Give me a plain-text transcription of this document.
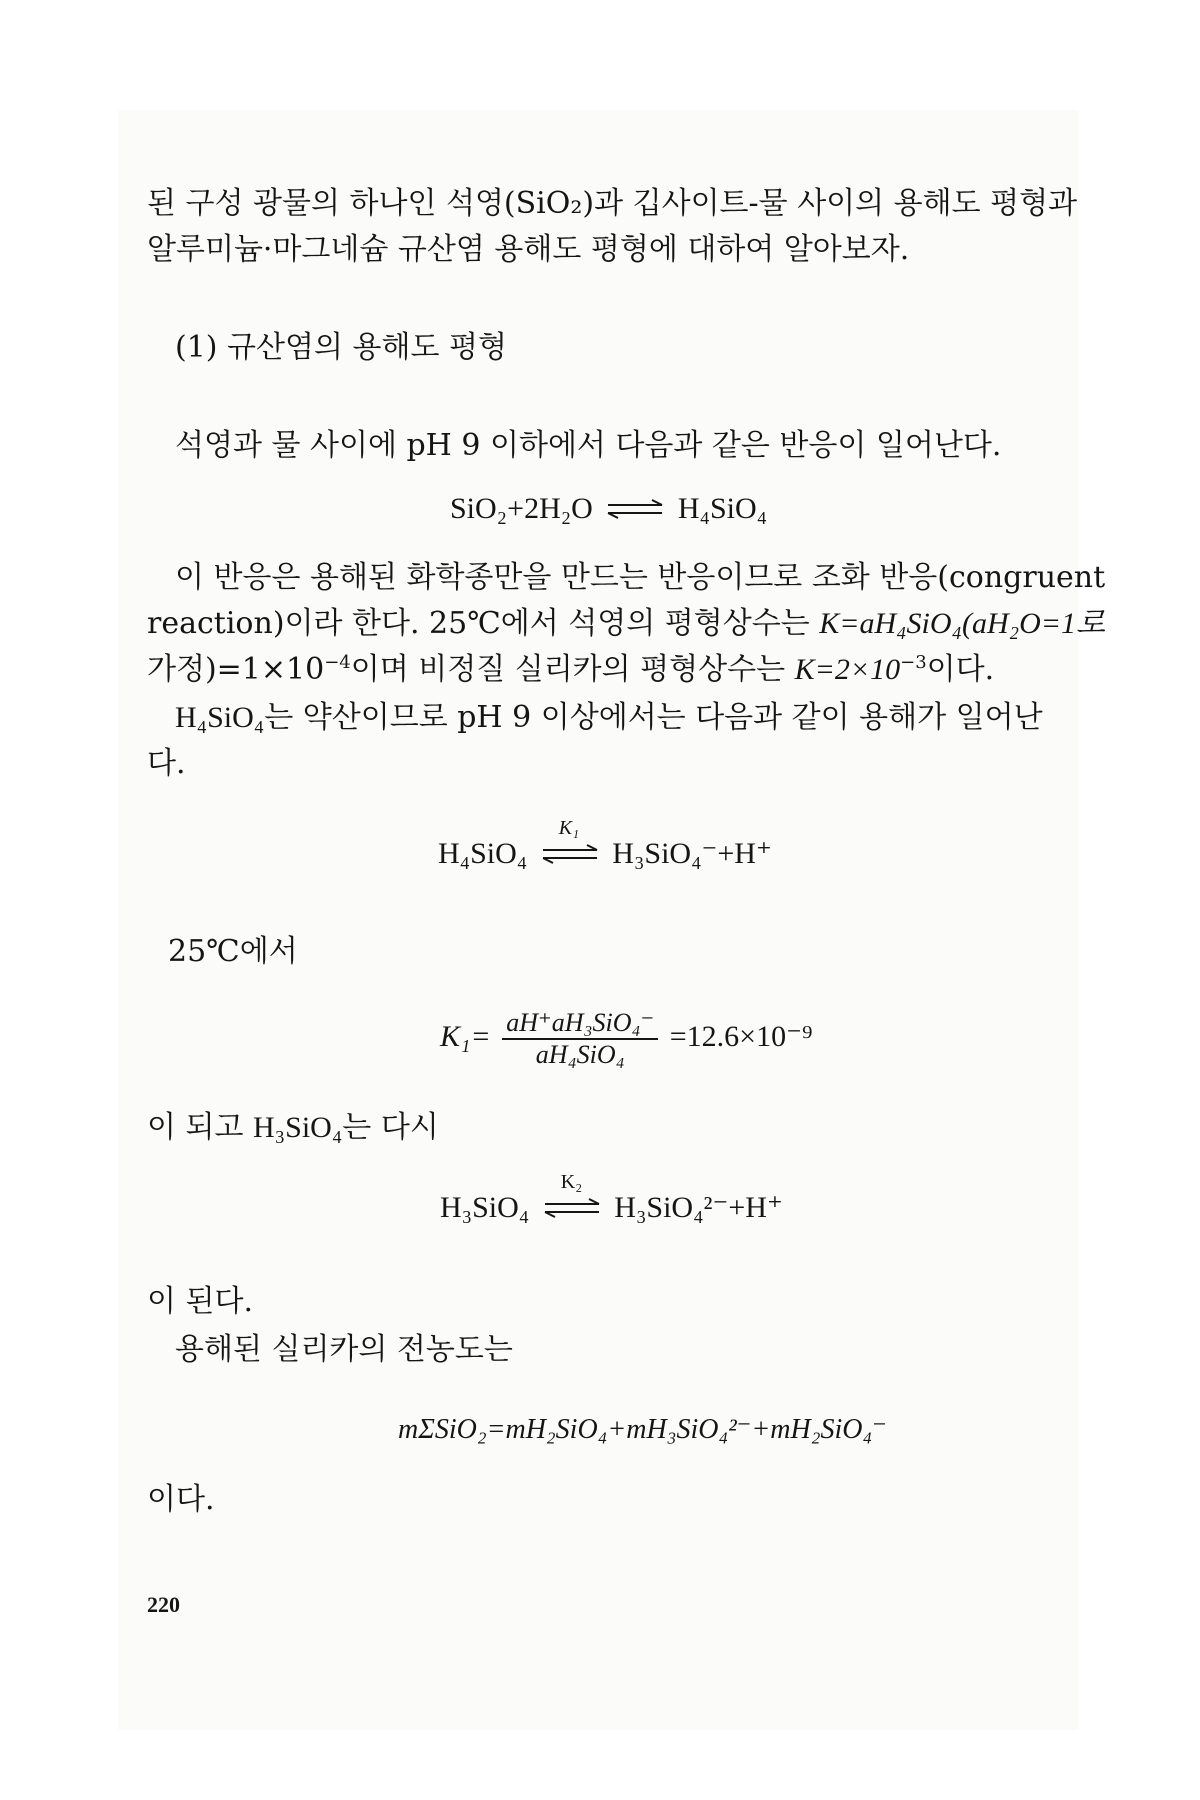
된 구성 광물의 하나인 석영(SiO₂)과 깁사이트-물 사이의 용해도 평형과
알루미늄·마그네슘 규산염 용해도 평형에 대하여 알아보자.
(1) 규산염의 용해도 평형
석영과 물 사이에 pH 9 이하에서 다음과 같은 반응이 일어난다.
SiO₂+2H₂O ⇌ H₄SiO₄
이 반응은 용해된 화학종만을 만드는 반응이므로 조화 반응(congruent
reaction)이라 한다. 25℃에서 석영의 평형상수는 K=aH₄SiO₄(aH₂O=1로
가정)$=1\times 10^{-4}$이며 비정질 실리카의 평형상수는 $K=2\times 10^{-3}$이다.
H₄SiO₄는 약산이므로 pH 9 이상에서는 다음과 같이 용해가 일어난
다.
H₄SiO₄
K₁
H₃SiO₄⁻+H⁺
25℃에서
$K_1= \frac{\text{aH⁺aH₃SiO₄⁻}}{\text{aH₄SiO₄}} =12.6\times 10^{-9}$
이 되고 H₃SiO₄는 다시
H₃SiO₄
K₂
H₃SiO₄²⁻+H⁺
이 된다.
용해된 실리카의 전농도는
mΣSiO₂=mH₂SiO₄+mH₃SiO₄²⁻+mH₂SiO₄⁻
이다.
220
